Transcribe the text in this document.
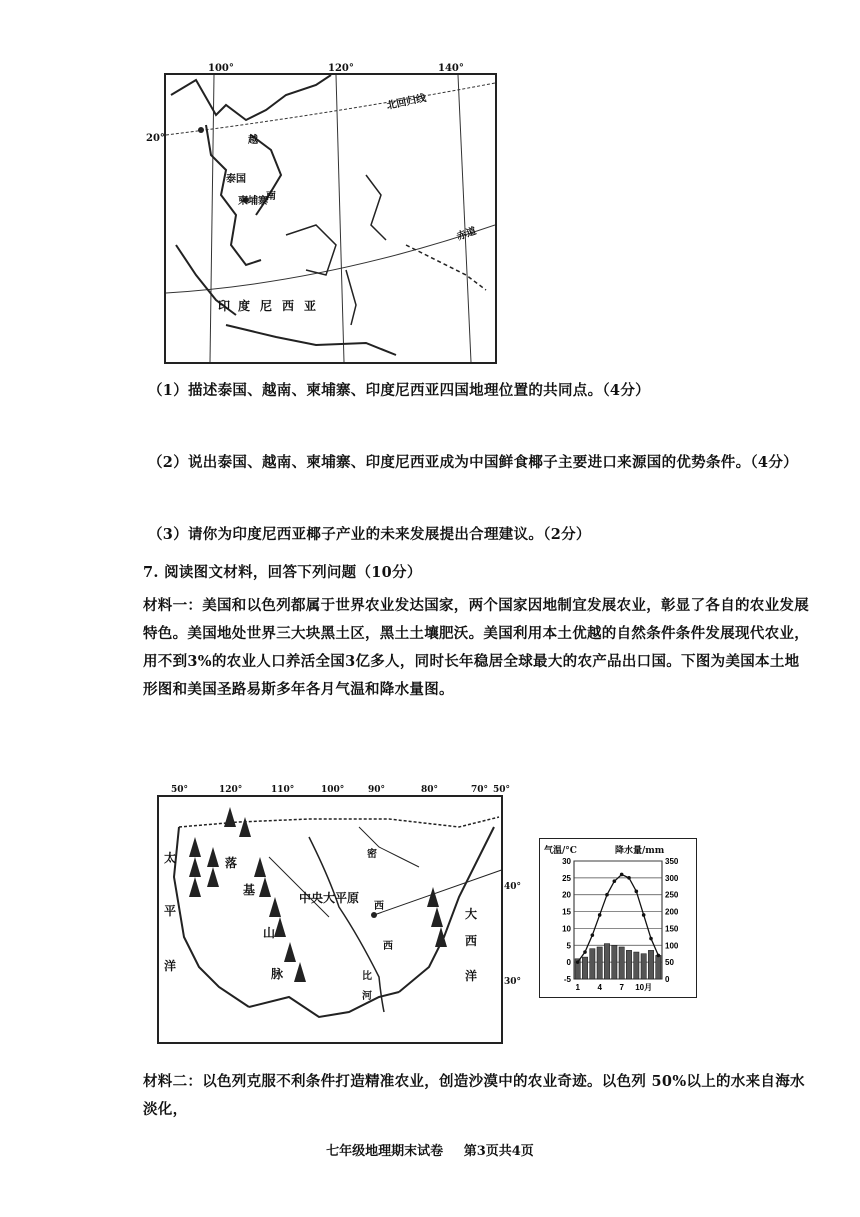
100°	120°	140°
20°
北回归线
赤道
越
泰国
柬埔寨
南
印 度 尼 西 亚
（1）描述泰国、越南、柬埔寨、印度尼西亚四国地理位置的共同点。（4分）
（2）说出泰国、越南、柬埔寨、印度尼西亚成为中国鲜食椰子主要进口来源国的优势条件。（4分）
（3）请你为印度尼西亚椰子产业的未来发展提出合理建议。（2分）
7. 阅读图文材料，回答下列问题（10分）
材料一：美国和以色列都属于世界农业发达国家，两个国家因地制宜发展农业，彰显了各自的农业发展特色。美国地处世界三大块黑土区，黑土土壤肥沃。美国利用本土优越的自然条件条件发展现代农业，用不到3%的农业人口养活全国3亿多人，同时长年稳居全球最大的农产品出口国。下图为美国本土地形图和美国圣路易斯多年各月气温和降水量图。
50°	120°	110°	100°	90°	80°	70° 50°
40°
30°
太
平
洋
落
基
山
脉
中央大平原
密
西
西
比
河
大
西
洋
气温/°C	降水量/mm
30
25
20
15
10
5
0
-5
350
300
250
200
150
100
50
0
1 4 7 10月
材料二：以色列克服不利条件打造精准农业，创造沙漠中的农业奇迹。以色列 50%以上的水来自海水淡化，
七年级地理期末试卷 第3页共4页
